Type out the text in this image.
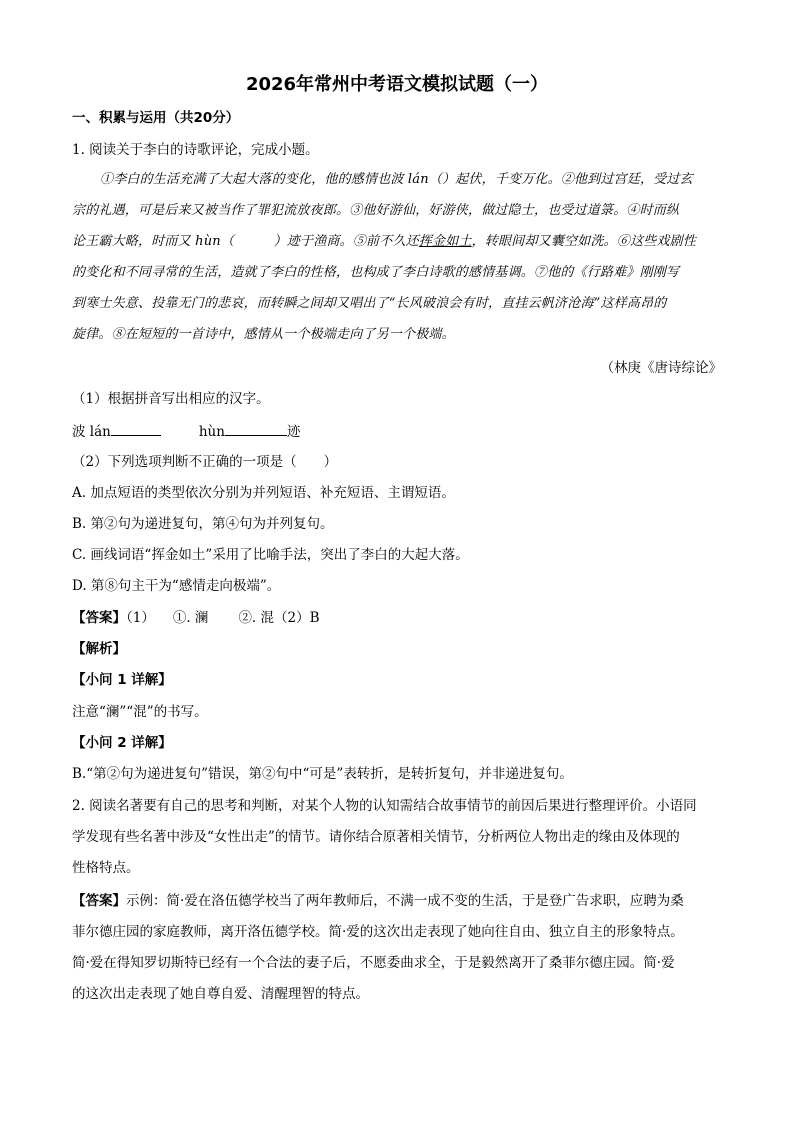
2026年常州中考语文模拟试题（一）
一、积累与运用（共20分）
1. 阅读关于李白的诗歌评论，完成小题。
①李白的生活充满了大起大落的变化，他的感情也波 lán（）起伏，千变万化。②他到过宫廷，受过玄
宗的礼遇，可是后来又被当作了罪犯流放夜郎。③他好游仙，好游侠，做过隐士，也受过道箓。④时而纵
论王霸大略，时而又 hùn（　　　）迹于渔商。⑤前不久还挥金如土，转眼间却又囊空如洗。⑥这些戏剧性
的变化和不同寻常的生活，造就了李白的性格，也构成了李白诗歌的感情基调。⑦他的《行路难》刚刚写
到寒士失意、投靠无门的悲哀，而转瞬之间却又唱出了“长风破浪会有时，直挂云帆济沧海”这样高昂的
旋律。⑧在短短的一首诗中，感情从一个极端走向了另一个极端。
（林庚《唐诗综论》
（1）根据拼音写出相应的汉字。
波 lán	hùn	迹
（2）下列选项判断不正确的一项是（　　）
A. 加点短语的类型依次分别为并列短语、补充短语、主谓短语。
B. 第②句为递进复句，第④句为并列复句。
C. 画线词语“挥金如土”采用了比喻手法，突出了李白的大起大落。
D. 第⑧句主干为“感情走向极端”。
【答案】（1） ①. 澜 ②. 混（2）B
【解析】
【小问 1 详解】
注意“澜”“混”的书写。
【小问 2 详解】
B.“第②句为递进复句”错误，第②句中“可是”表转折，是转折复句，并非递进复句。
2. 阅读名著要有自己的思考和判断，对某个人物的认知需结合故事情节的前因后果进行整理评价。小语同
学发现有些名著中涉及“女性出走”的情节。请你结合原著相关情节，分析两位人物出走的缘由及体现的
性格特点。
【答案】示例：简·爱在洛伍德学校当了两年教师后，不满一成不变的生活，于是登广告求职，应聘为桑
菲尔德庄园的家庭教师，离开洛伍德学校。简·爱的这次出走表现了她向往自由、独立自主的形象特点。
简·爱在得知罗切斯特已经有一个合法的妻子后，不愿委曲求全，于是毅然离开了桑菲尔德庄园。简·爱
的这次出走表现了她自尊自爱、清醒理智的特点。
